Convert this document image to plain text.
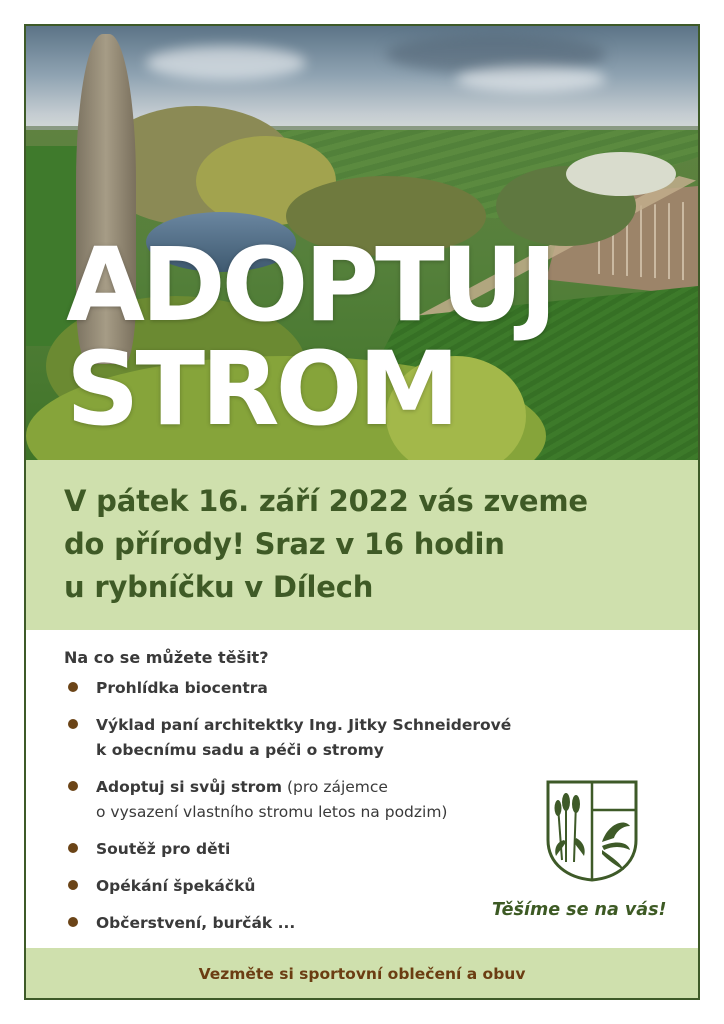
ADOPTUJ
STROM
V pátek 16. září 2022 vás zveme
do přírody! Sraz v 16 hodin
u rybníčku v Dílech
Na co se můžete těšit?
Prohlídka biocentra
Výklad paní architektky Ing. Jitky Schneiderové
k obecnímu sadu a péči o stromy
Adoptuj si svůj strom (pro zájemce
o vysazení vlastního stromu letos na podzim)
Soutěž pro děti
Opékání špekáčků
Občerstvení, burčák ...
Těšíme se na vás!
Vezměte si sportovní oblečení a obuv
